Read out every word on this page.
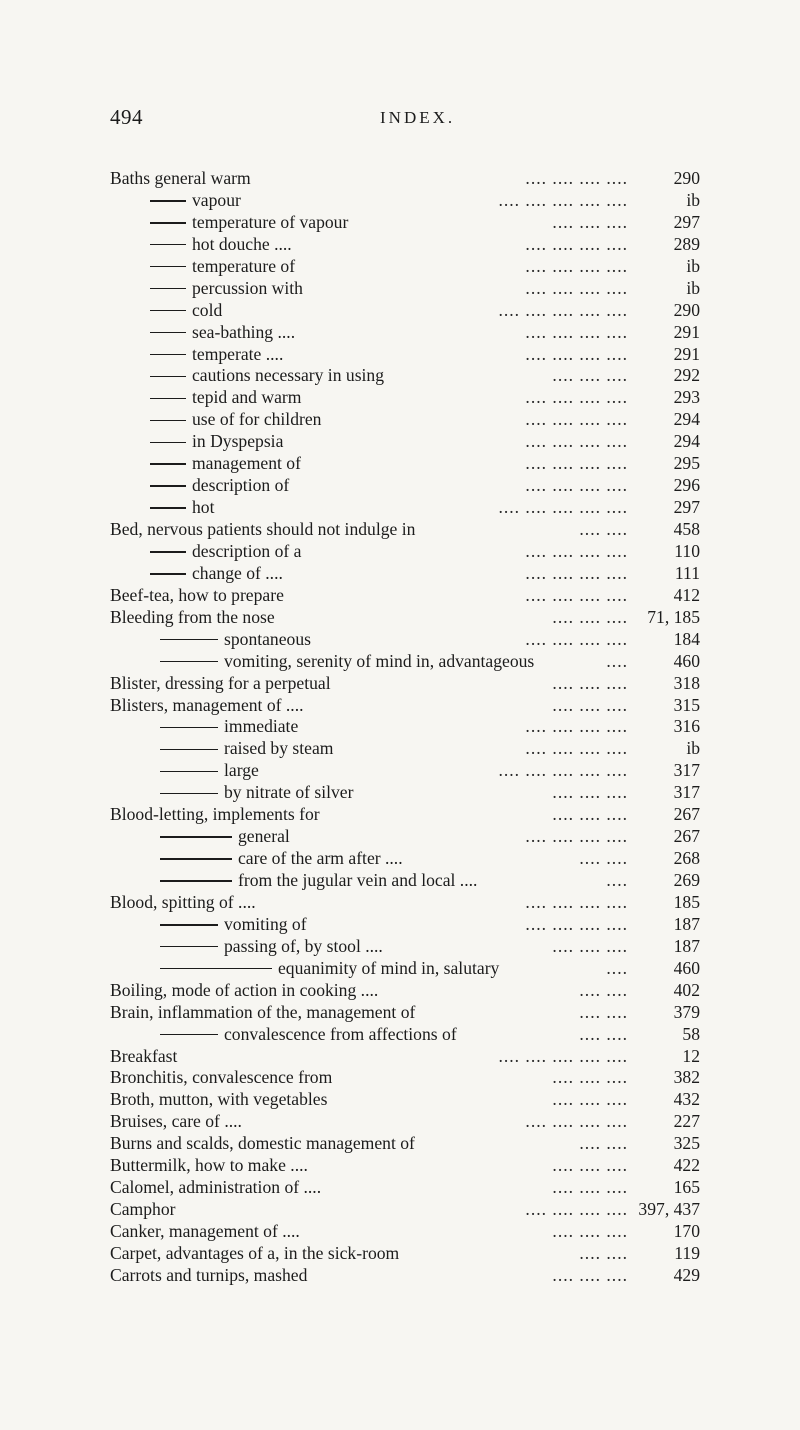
494	INDEX.
Baths general warm	.... .... .... ....	290
vapour	.... .... .... .... ....	ib
temperature of vapour	.... .... ....	297
hot douche ....	.... .... .... ....	289
temperature of	.... .... .... ....	ib
percussion with	.... .... .... ....	ib
cold	.... .... .... .... ....	290
sea-bathing ....	.... .... .... ....	291
temperate ....	.... .... .... ....	291
cautions necessary in using	.... .... ....	292
tepid and warm	.... .... .... ....	293
use of for children	.... .... .... ....	294
in Dyspepsia	.... .... .... ....	294
management of	.... .... .... ....	295
description of	.... .... .... ....	296
hot	.... .... .... .... ....	297
Bed, nervous patients should not indulge in	.... ....	458
description of a	.... .... .... ....	110
change of ....	.... .... .... ....	111
Beef-tea, how to prepare	.... .... .... ....	412
Bleeding from the nose	.... .... .... 71, 185
spontaneous	.... .... .... ....	184
vomiting, serenity of mind in, advantageous	....	460
Blister, dressing for a perpetual	.... .... ....	318
Blisters, management of ....	.... .... ....	315
immediate	.... .... .... ....	316
raised by steam	.... .... .... ....	ib
large	.... .... .... .... ....	317
by nitrate of silver	.... .... ....	317
Blood-letting, implements for	.... .... ....	267
general	.... .... .... ....	267
care of the arm after ....	.... ....	268
from the jugular vein and local ....	....	269
Blood, spitting of ....	.... .... .... ....	185
vomiting of	.... .... .... ....	187
passing of, by stool ....	.... .... ....	187
equanimity of mind in, salutary	....	460
Boiling, mode of action in cooking ....	.... ....	402
Brain, inflammation of the, management of	.... ....	379
convalescence from affections of	.... ....	58
Breakfast	.... .... .... .... ....	12
Bronchitis, convalescence from	.... .... ....	382
Broth, mutton, with vegetables	.... .... ....	432
Bruises, care of ....	.... .... .... ....	227
Burns and scalds, domestic management of	.... ....	325
Buttermilk, how to make ....	.... .... ....	422
Calomel, administration of ....	.... .... ....	165
Camphor	.... .... .... .... 397, 437
Canker, management of ....	.... .... ....	170
Carpet, advantages of a, in the sick-room	.... ....	119
Carrots and turnips, mashed	.... .... ....	429
